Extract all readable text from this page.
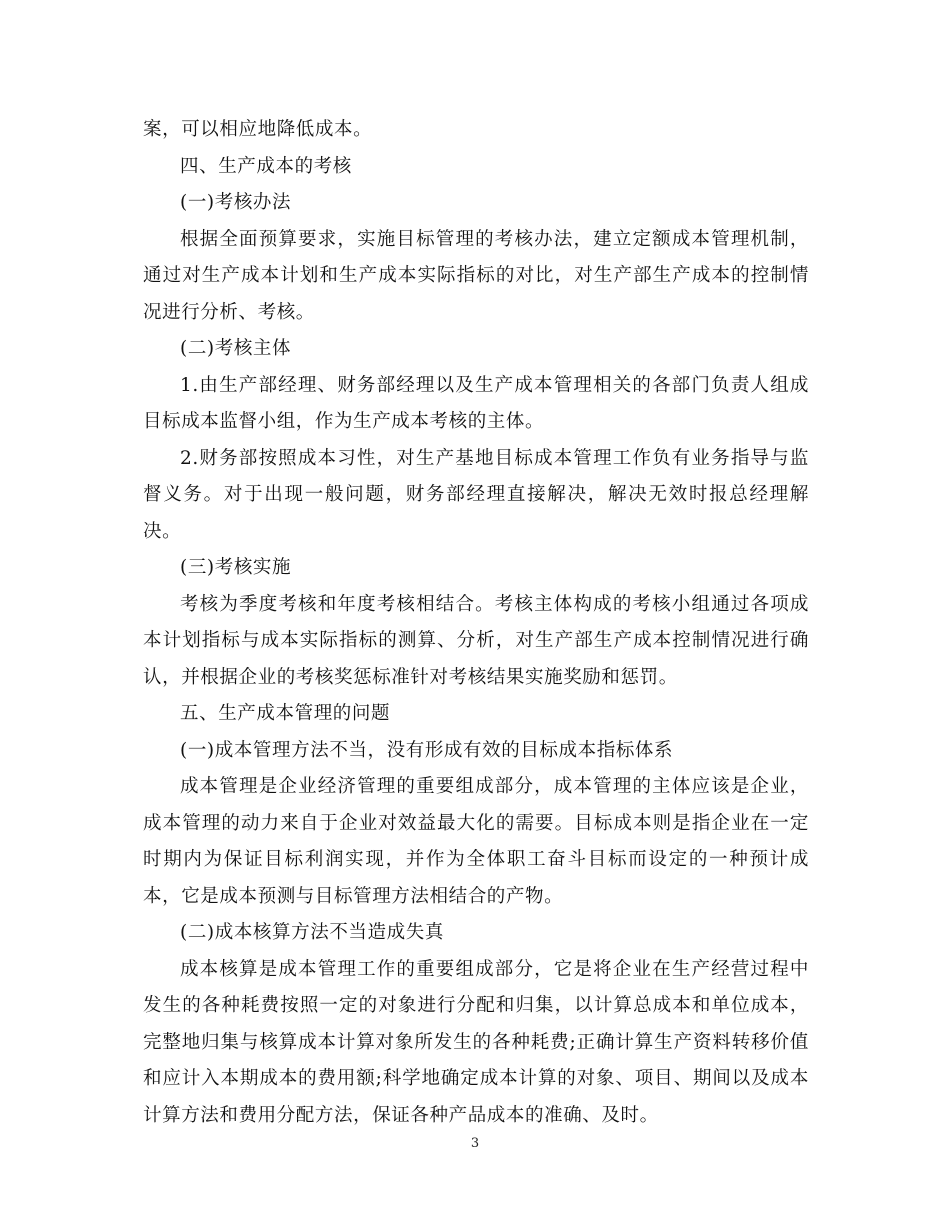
案，可以相应地降低成本。

四、生产成本的考核

(一)考核办法

根据全面预算要求，实施目标管理的考核办法，建立定额成本管理机制，通过对生产成本计划和生产成本实际指标的对比，对生产部生产成本的控制情况进行分析、考核。

(二)考核主体

1.由生产部经理、财务部经理以及生产成本管理相关的各部门负责人组成目标成本监督小组，作为生产成本考核的主体。

2.财务部按照成本习性，对生产基地目标成本管理工作负有业务指导与监督义务。对于出现一般问题，财务部经理直接解决，解决无效时报总经理解决。

(三)考核实施

考核为季度考核和年度考核相结合。考核主体构成的考核小组通过各项成本计划指标与成本实际指标的测算、分析，对生产部生产成本控制情况进行确认，并根据企业的考核奖惩标准针对考核结果实施奖励和惩罚。

五、生产成本管理的问题

(一)成本管理方法不当，没有形成有效的目标成本指标体系

成本管理是企业经济管理的重要组成部分，成本管理的主体应该是企业，成本管理的动力来自于企业对效益最大化的需要。目标成本则是指企业在一定时期内为保证目标利润实现，并作为全体职工奋斗目标而设定的一种预计成本，它是成本预测与目标管理方法相结合的产物。

(二)成本核算方法不当造成失真

成本核算是成本管理工作的重要组成部分，它是将企业在生产经营过程中发生的各种耗费按照一定的对象进行分配和归集，以计算总成本和单位成本，完整地归集与核算成本计算对象所发生的各种耗费;正确计算生产资料转移价值和应计入本期成本的费用额;科学地确定成本计算的对象、项目、期间以及成本计算方法和费用分配方法，保证各种产品成本的准确、及时。

3
